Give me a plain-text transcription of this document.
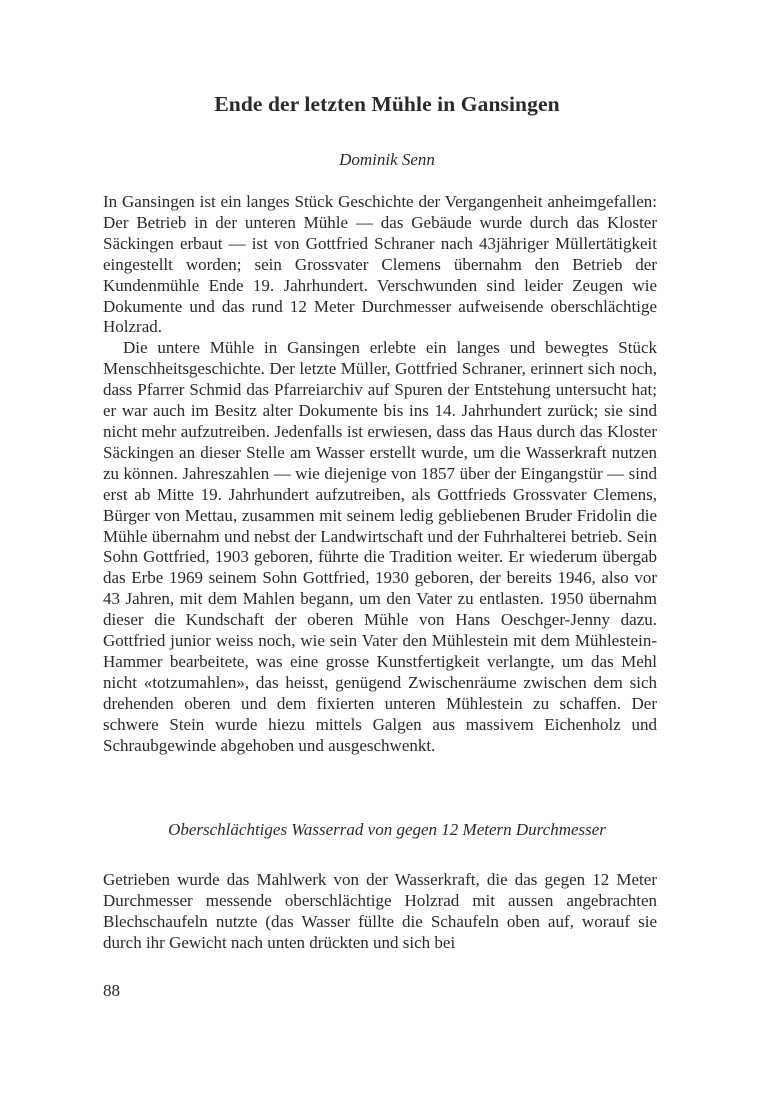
Ende der letzten Mühle in Gansingen

Dominik Senn

In Gansingen ist ein langes Stück Geschichte der Vergangenheit anheimgefallen: Der Betrieb in der unteren Mühle — das Gebäude wurde durch das Kloster Säckingen erbaut — ist von Gottfried Schraner nach 43jähriger Müllertätigkeit eingestellt worden; sein Grossvater Clemens übernahm den Betrieb der Kundenmühle Ende 19. Jahrhundert. Verschwunden sind leider Zeugen wie Dokumente und das rund 12 Meter Durchmesser aufweisende oberschlächtige Holzrad.

Die untere Mühle in Gansingen erlebte ein langes und bewegtes Stück Menschheitsgeschichte. Der letzte Müller, Gottfried Schraner, erinnert sich noch, dass Pfarrer Schmid das Pfarreiarchiv auf Spuren der Entstehung untersucht hat; er war auch im Besitz alter Dokumente bis ins 14. Jahrhundert zurück; sie sind nicht mehr aufzutreiben. Jedenfalls ist erwiesen, dass das Haus durch das Kloster Säckingen an dieser Stelle am Wasser erstellt wurde, um die Wasserkraft nutzen zu können. Jahreszahlen — wie diejenige von 1857 über der Eingangstür — sind erst ab Mitte 19. Jahrhundert aufzutreiben, als Gottfrieds Grossvater Clemens, Bürger von Mettau, zusammen mit seinem ledig gebliebenen Bruder Fridolin die Mühle übernahm und nebst der Landwirtschaft und der Fuhrhalterei betrieb. Sein Sohn Gottfried, 1903 geboren, führte die Tradition weiter. Er wiederum übergab das Erbe 1969 seinem Sohn Gottfried, 1930 geboren, der bereits 1946, also vor 43 Jahren, mit dem Mahlen begann, um den Vater zu entlasten. 1950 übernahm dieser die Kundschaft der oberen Mühle von Hans Oeschger-Jenny dazu. Gottfried junior weiss noch, wie sein Vater den Mühlestein mit dem Mühlestein-Hammer bearbeitete, was eine grosse Kunstfertigkeit verlangte, um das Mehl nicht «totzumahlen», das heisst, genügend Zwischenräume zwischen dem sich drehenden oberen und dem fixierten unteren Mühlestein zu schaffen. Der schwere Stein wurde hiezu mittels Galgen aus massivem Eichenholz und Schraubgewinde abgehoben und ausgeschwenkt.

Oberschlächtiges Wasserrad von gegen 12 Metern Durchmesser

Getrieben wurde das Mahlwerk von der Wasserkraft, die das gegen 12 Meter Durchmesser messende oberschlächtige Holzrad mit aussen angebrachten Blechschaufeln nutzte (das Wasser füllte die Schaufeln oben auf, worauf sie durch ihr Gewicht nach unten drückten und sich bei

88
